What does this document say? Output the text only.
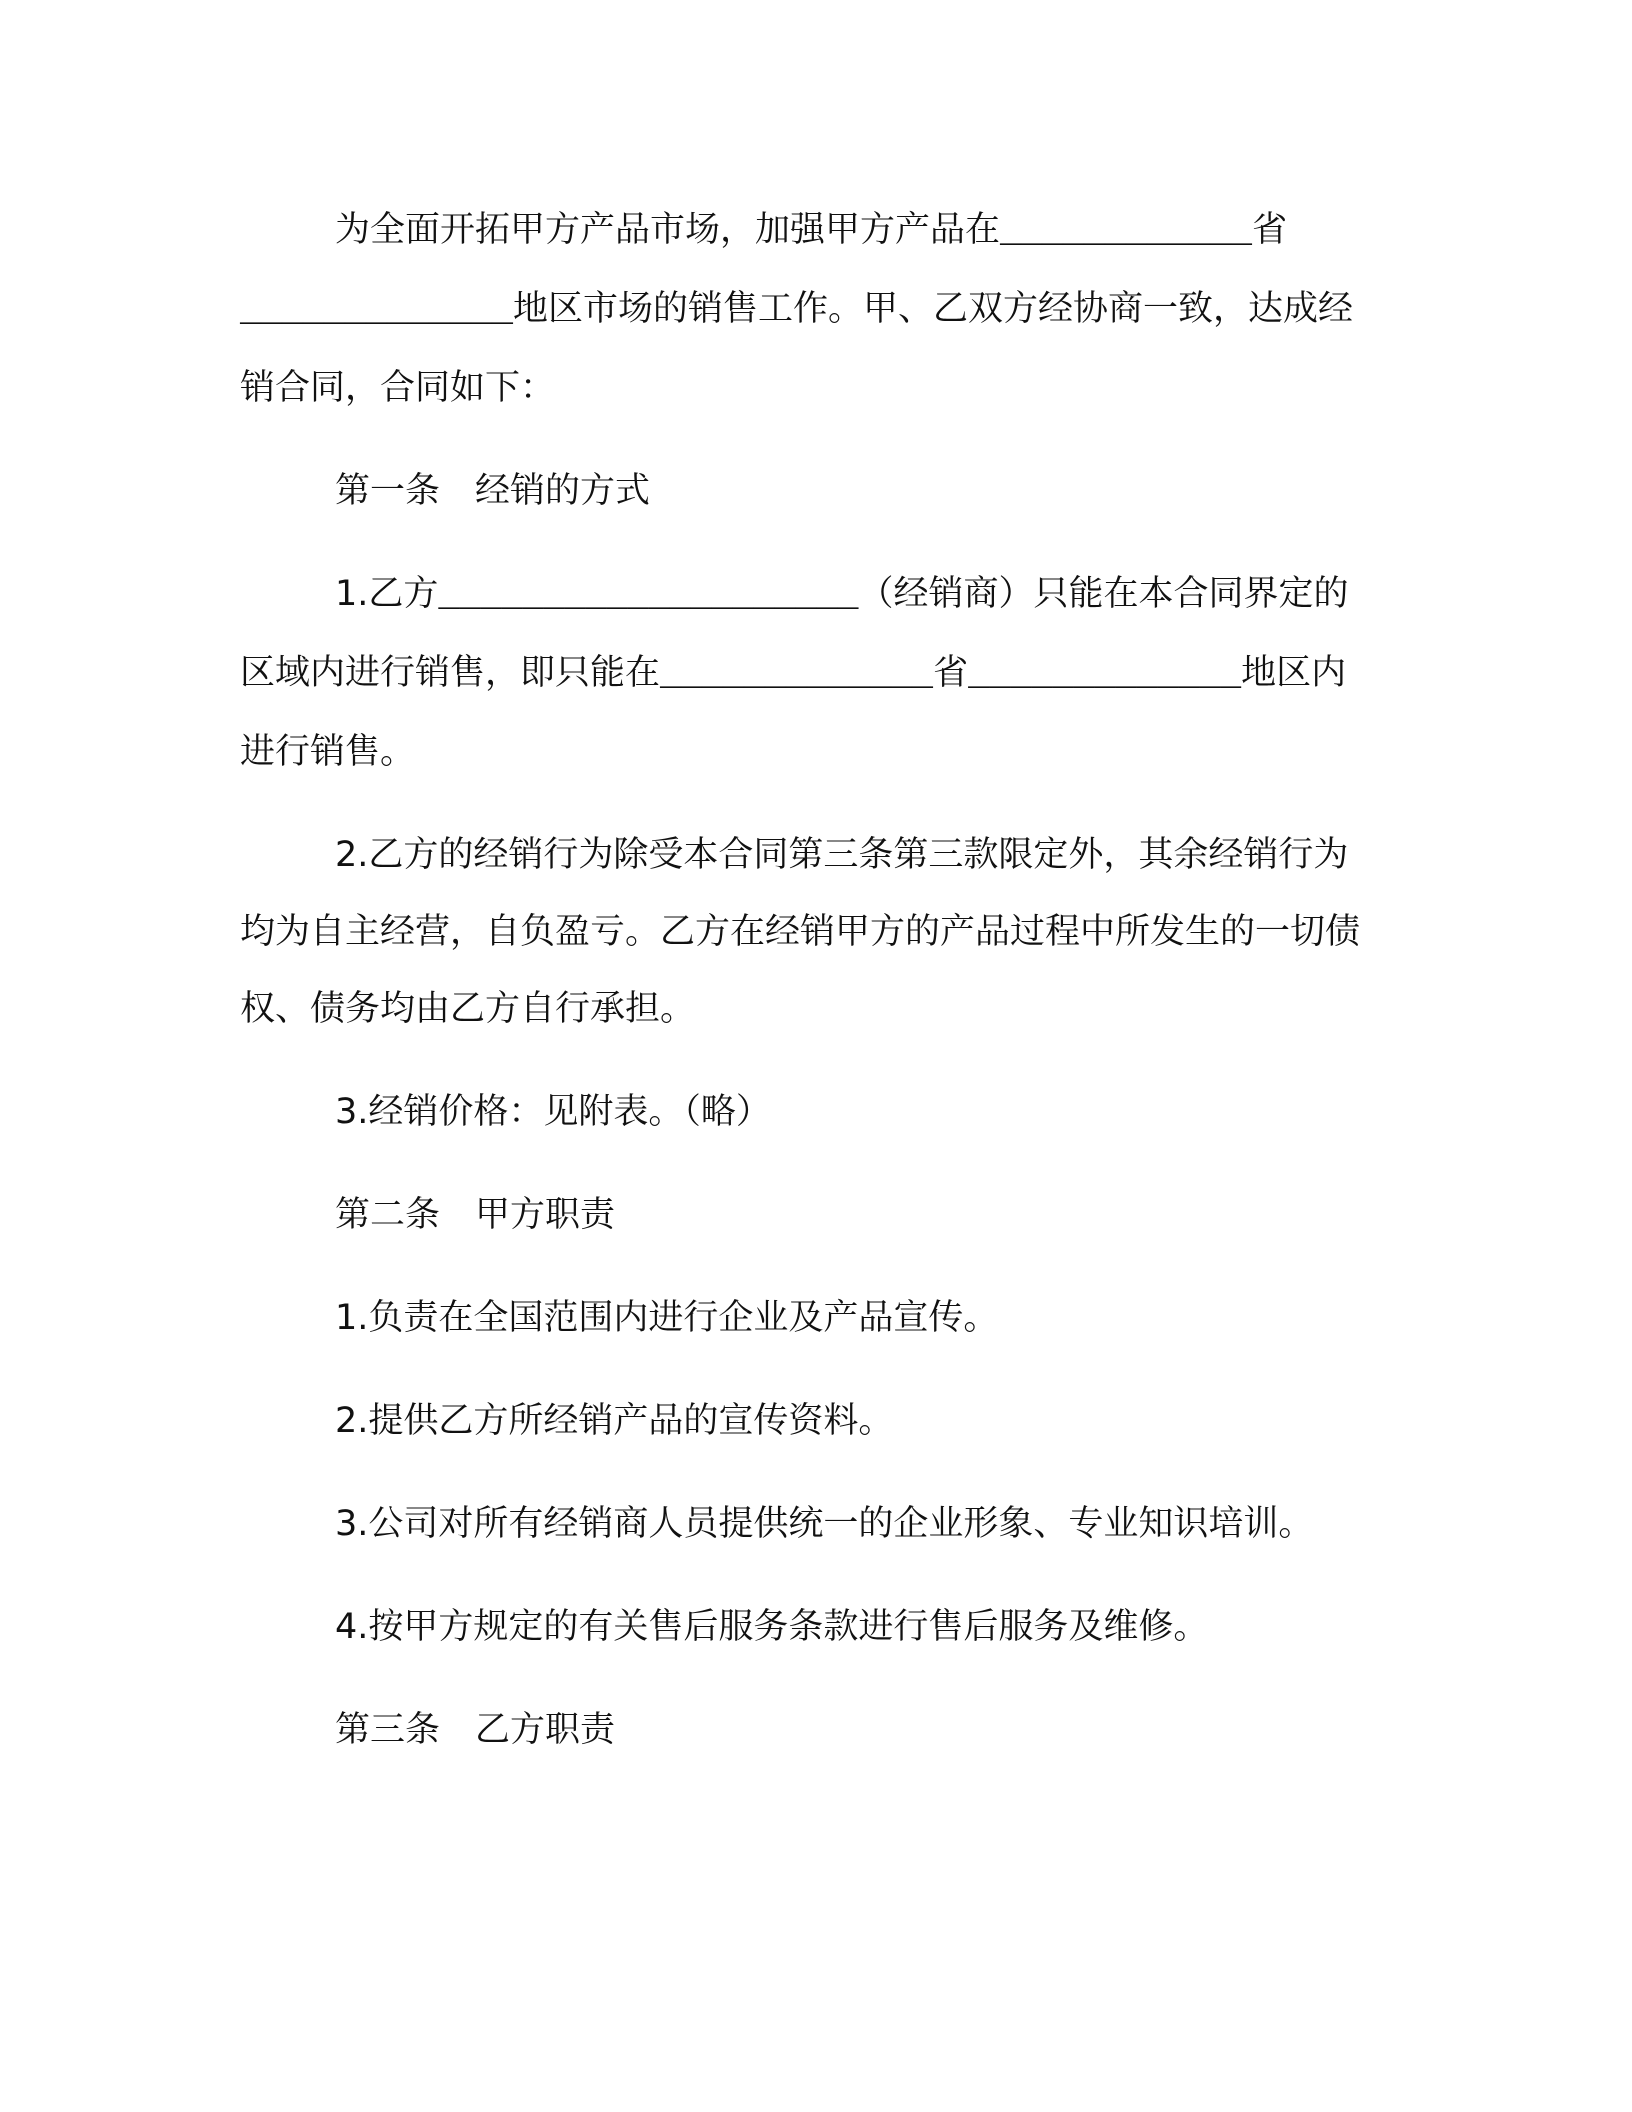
为全面开拓甲方产品市场，加强甲方产品在____________省_____________地区市场的销售工作。甲、乙双方经协商一致，达成经销合同，合同如下：

第一条　经销的方式

1.乙方____________________（经销商）只能在本合同界定的区域内进行销售，即只能在_____________省_____________地区内进行销售。

2.乙方的经销行为除受本合同第三条第三款限定外，其余经销行为均为自主经营，自负盈亏。乙方在经销甲方的产品过程中所发生的一切债权、债务均由乙方自行承担。

3.经销价格：见附表。（略）

第二条　甲方职责

1.负责在全国范围内进行企业及产品宣传。

2.提供乙方所经销产品的宣传资料。

3.公司对所有经销商人员提供统一的企业形象、专业知识培训。

4.按甲方规定的有关售后服务条款进行售后服务及维修。

第三条　乙方职责
